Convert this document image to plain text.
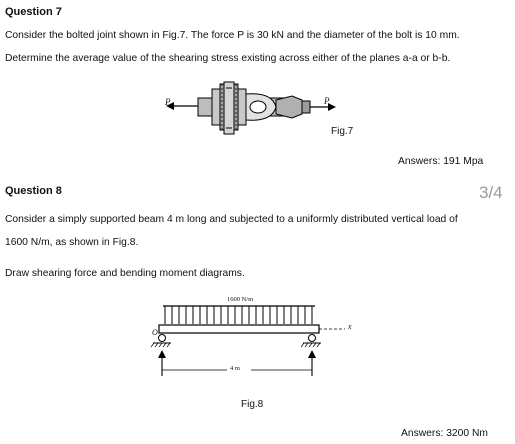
Question 7
Consider the bolted joint shown in Fig.7. The force P is 30 kN and the diameter of the bolt is 10 mm.
Determine the average value of the shearing stress existing across either of the planes a-a or b-b.
P	P
Fig.7
Answers: 191 Mpa
3/4
Question 8
Consider a simply supported beam 4 m long and subjected to a uniformly distributed vertical load of
1600 N/m, as shown in Fig.8.
Draw shearing force and bending moment diagrams.
1600 N/m
O
x
4 m
Fig.8
Answers: 3200 Nm
